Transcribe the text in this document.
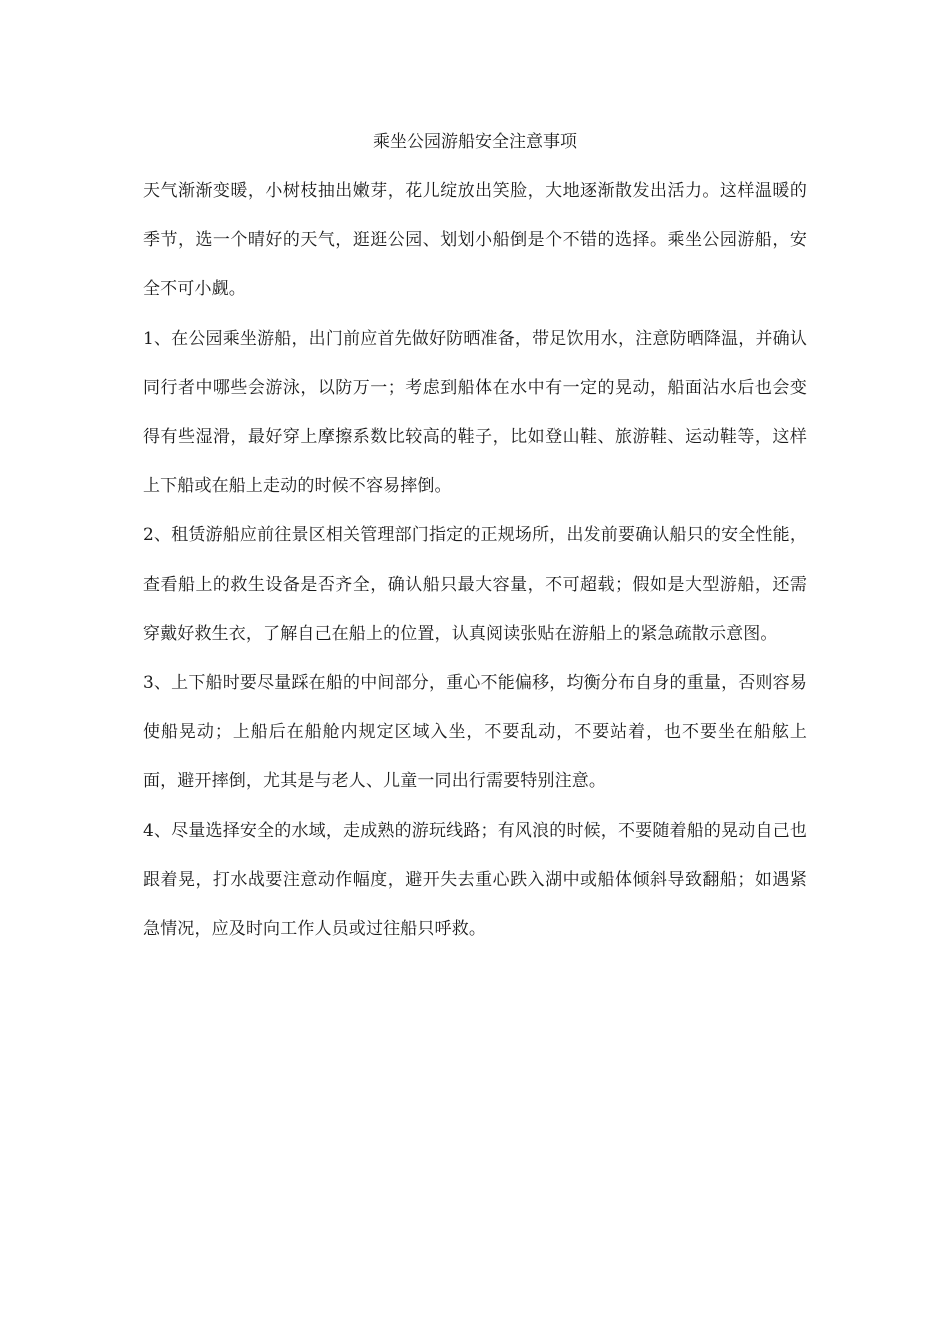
乘坐公园游船安全注意事项

天气渐渐变暖，小树枝抽出嫩芽，花儿绽放出笑脸，大地逐渐散发出活力。这样温暖的季节，选一个晴好的天气，逛逛公园、划划小船倒是个不错的选择。乘坐公园游船，安全不可小觑。

1、在公园乘坐游船，出门前应首先做好防晒准备，带足饮用水，注意防晒降温，并确认同行者中哪些会游泳，以防万一；考虑到船体在水中有一定的晃动，船面沾水后也会变得有些湿滑，最好穿上摩擦系数比较高的鞋子，比如登山鞋、旅游鞋、运动鞋等，这样上下船或在船上走动的时候不容易摔倒。

2、租赁游船应前往景区相关管理部门指定的正规场所，出发前要确认船只的安全性能，查看船上的救生设备是否齐全，确认船只最大容量，不可超载；假如是大型游船，还需穿戴好救生衣，了解自己在船上的位置，认真阅读张贴在游船上的紧急疏散示意图。

3、上下船时要尽量踩在船的中间部分，重心不能偏移，均衡分布自身的重量，否则容易使船晃动；上船后在船舱内规定区域入坐，不要乱动，不要站着，也不要坐在船舷上面，避开摔倒，尤其是与老人、儿童一同出行需要特别注意。

4、尽量选择安全的水域，走成熟的游玩线路；有风浪的时候，不要随着船的晃动自己也跟着晃，打水战要注意动作幅度，避开失去重心跌入湖中或船体倾斜导致翻船；如遇紧急情况，应及时向工作人员或过往船只呼救。
